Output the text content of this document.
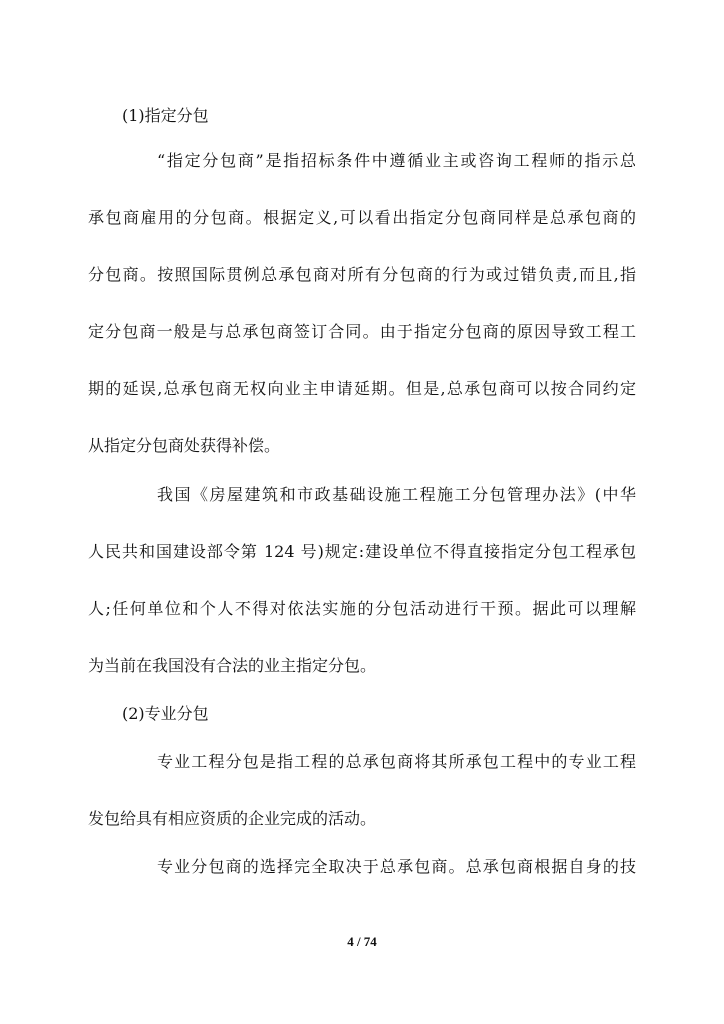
(1)指定分包
“指定分包商”是指招标条件中遵循业主或咨询工程师的指示总
承包商雇用的分包商。根据定义,可以看出指定分包商同样是总承包商的
分包商。按照国际贯例总承包商对所有分包商的行为或过错负责,而且,指
定分包商一般是与总承包商签订合同。由于指定分包商的原因导致工程工
期的延误,总承包商无权向业主申请延期。但是,总承包商可以按合同约定
从指定分包商处获得补偿。
我国《房屋建筑和市政基础设施工程施工分包管理办法》(中华
人民共和国建设部令第 124 号)规定:建设单位不得直接指定分包工程承包
人;任何单位和个人不得对依法实施的分包活动进行干预。据此可以理解
为当前在我国没有合法的业主指定分包。
(2)专业分包
专业工程分包是指工程的总承包商将其所承包工程中的专业工程
发包给具有相应资质的企业完成的活动。
专业分包商的选择完全取决于总承包商。总承包商根据自身的技
4 / 74
